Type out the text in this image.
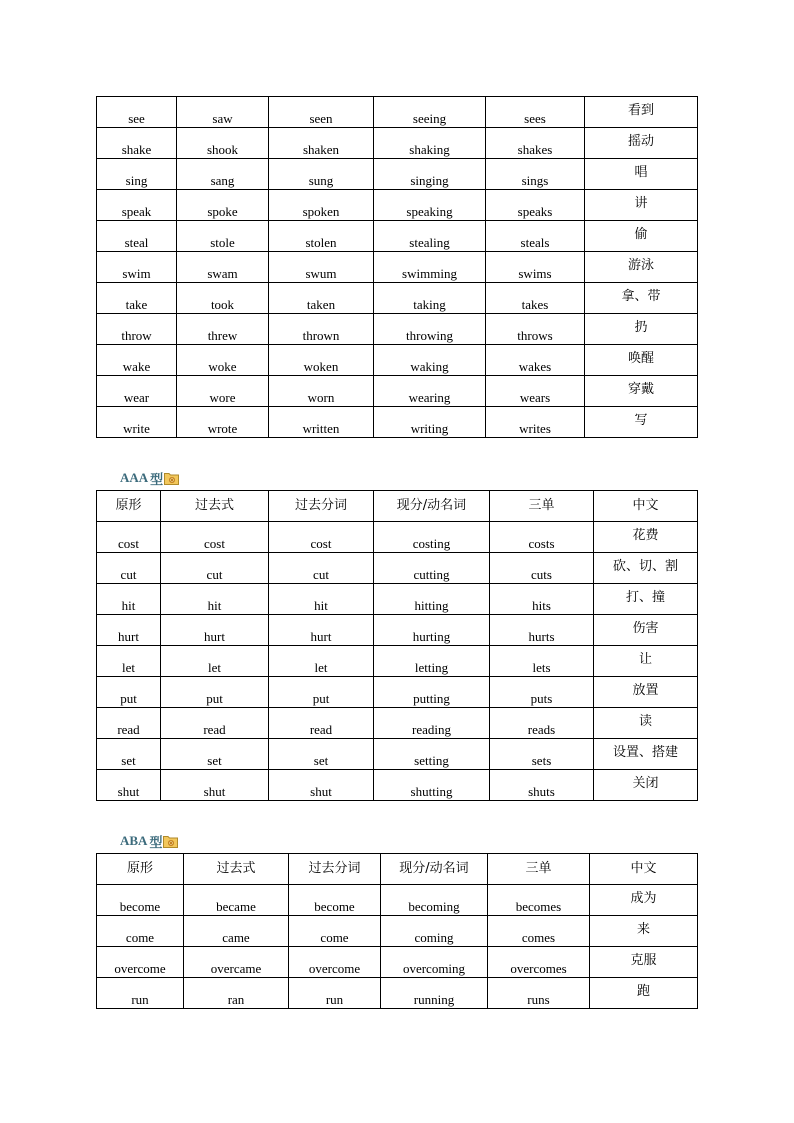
see	saw	seen	seeing	sees	看到
shake	shook	shaken	shaking	shakes	摇动
sing	sang	sung	singing	sings	唱
speak	spoke	spoken	speaking	speaks	讲
steal	stole	stolen	stealing	steals	偷
swim	swam	swum	swimming	swims	游泳
take	took	taken	taking	takes	拿、带
throw	threw	thrown	throwing	throws	扔
wake	woke	woken	waking	wakes	唤醒
wear	wore	worn	wearing	wears	穿戴
write	wrote	written	writing	writes	写
AAA 型
原形	过去式	过去分词	现分/动名词	三单	中文
cost	cost	cost	costing	costs	花费
cut	cut	cut	cutting	cuts	砍、切、割
hit	hit	hit	hitting	hits	打、撞
hurt	hurt	hurt	hurting	hurts	伤害
let	let	let	letting	lets	让
put	put	put	putting	puts	放置
read	read	read	reading	reads	读
set	set	set	setting	sets	设置、搭建
shut	shut	shut	shutting	shuts	关闭
ABA 型
原形	过去式	过去分词	现分/动名词	三单	中文
become	became	become	becoming	becomes	成为
come	came	come	coming	comes	来
overcome	overcame	overcome	overcoming	overcomes	克服
run	ran	run	running	runs	跑
